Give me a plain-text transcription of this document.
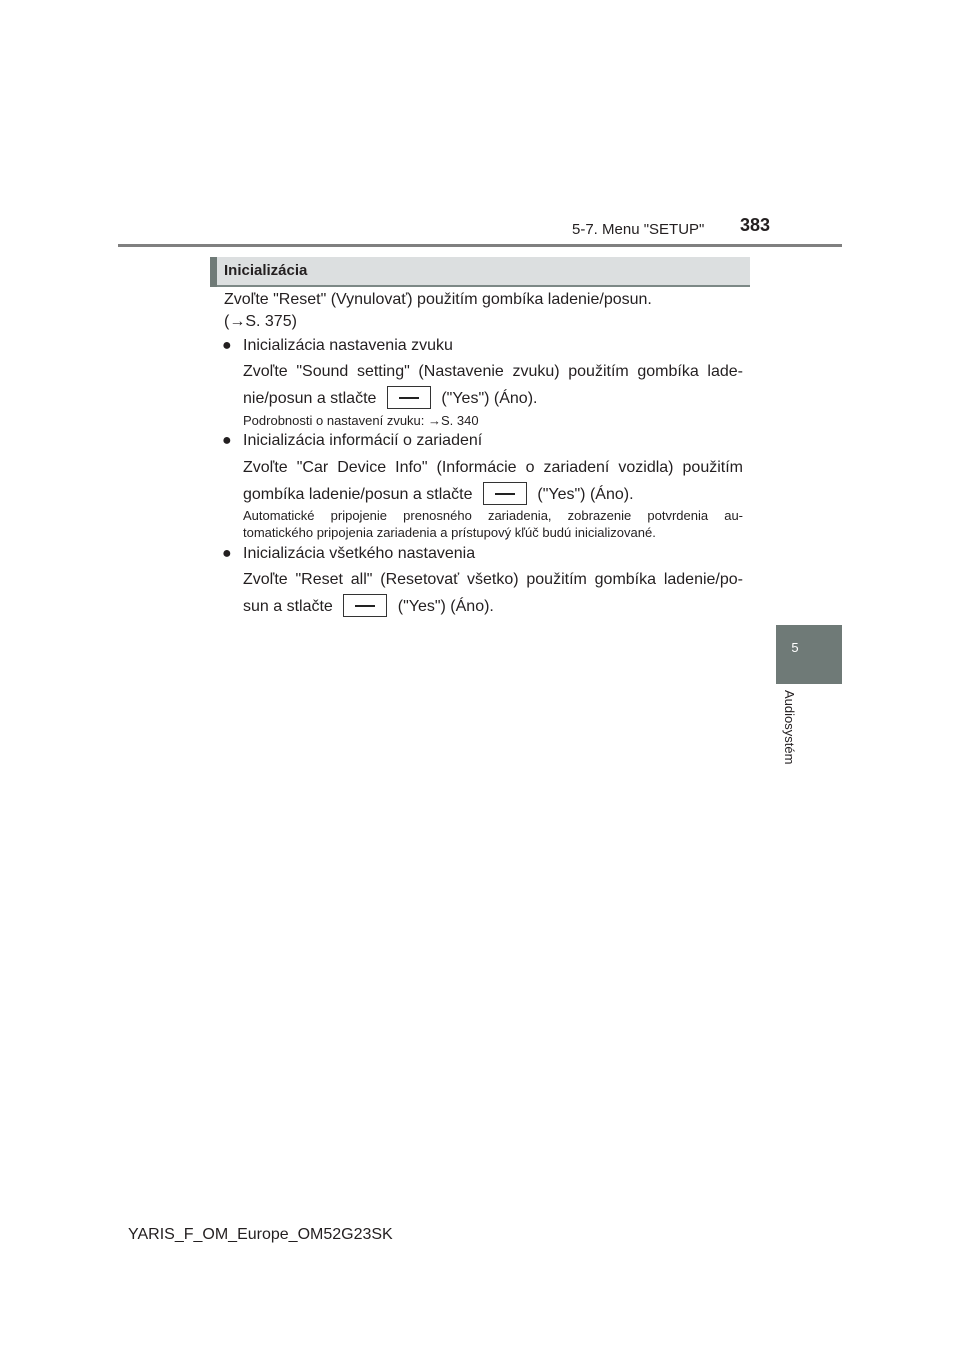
5-7. Menu "SETUP" 383
5
Audiosystém
Inicializácia
Zvoľte "Reset" (Vynulovať) použitím gombíka ladenie/posun.
(→S. 375)
● Inicializácia nastavenia zvuku
Zvoľte "Sound setting" (Nastavenie zvuku) použitím gombíka lade-
nie/posun a stlačte	("Yes") (Áno).
Podrobnosti o nastavení zvuku: →S. 340
● Inicializácia informácií o zariadení
Zvoľte "Car Device Info" (Informácie o zariadení vozidla) použitím
gombíka ladenie/posun a stlačte	("Yes") (Áno).
Automatické pripojenie prenosného zariadenia, zobrazenie potvrdenia au-
tomatického pripojenia zariadenia a prístupový kľúč budú inicializované.
● Inicializácia všetkého nastavenia
Zvoľte "Reset all" (Resetovať všetko) použitím gombíka ladenie/po-
sun a stlačte	("Yes") (Áno).
YARIS_F_OM_Europe_OM52G23SK
